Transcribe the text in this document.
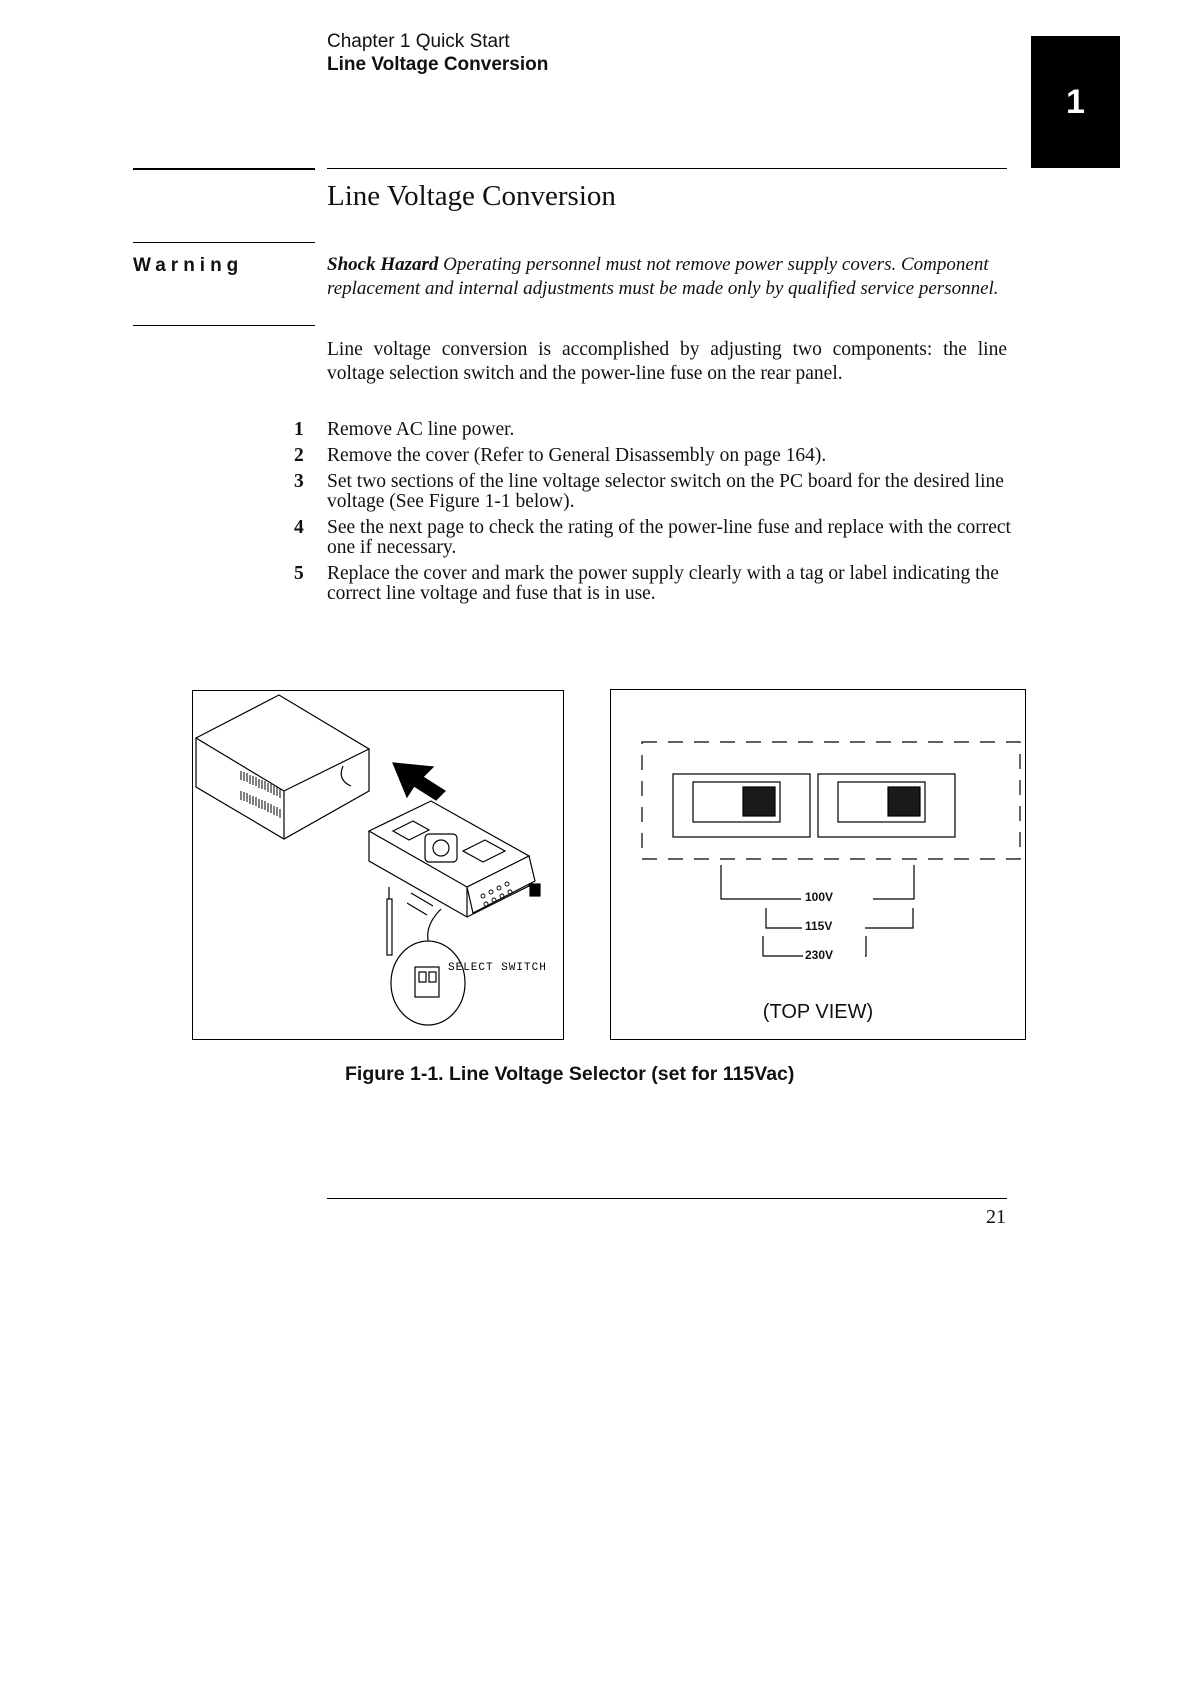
Chapter 1 Quick Start
Line Voltage Conversion
1
Line Voltage Conversion
Warning	Shock Hazard Operating personnel must not remove power supply covers. Component replacement and internal adjustments must be made only by qualified service personnel.
Line voltage conversion is accomplished by adjusting two components: the line voltage selection switch and the power-line fuse on the rear panel.
1	Remove AC line power.
2	Remove the cover (Refer to General Disassembly on page 164).
3	Set two sections of the line voltage selector switch on the PC board for the desired line voltage (See Figure 1-1 below).
4	See the next page to check the rating of the power-line fuse and replace with the correct one if necessary.
5	Replace the cover and mark the power supply clearly with a tag or label indicating the correct line voltage and fuse that is in use.
SELECT SWITCH
100V
115V
230V
(TOP VIEW)
Figure 1-1. Line Voltage Selector (set for 115Vac)
21
